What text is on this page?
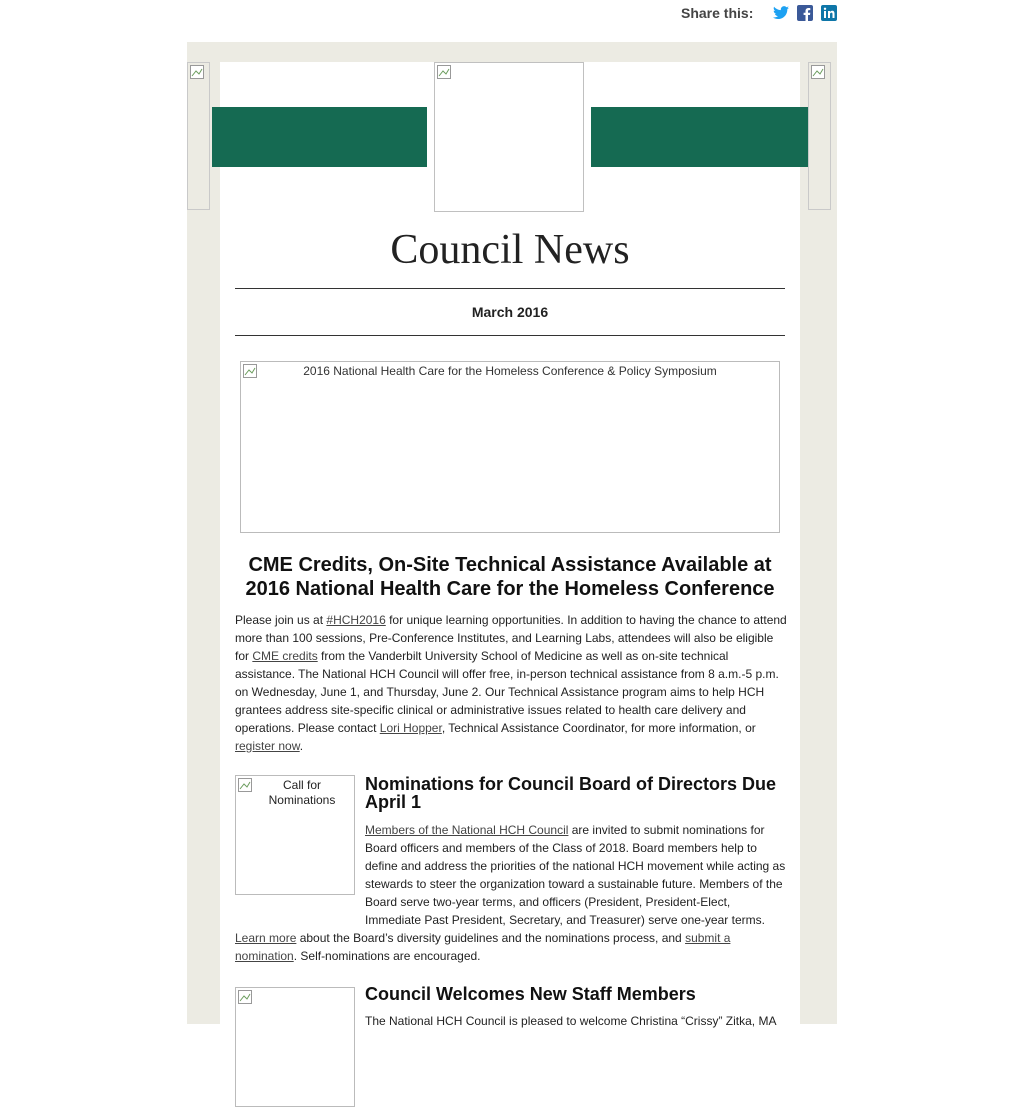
Share this:
Council News
March 2016
2016 National Health Care for the Homeless Conference & Policy Symposium
CME Credits, On-Site Technical Assistance Available at 2016 National Health Care for the Homeless Conference

Please join us at #HCH2016 for unique learning opportunities. In addition to having the chance to attend more than 100 sessions, Pre-Conference Institutes, and Learning Labs, attendees will also be eligible for CME credits from the Vanderbilt University School of Medicine as well as on-site technical assistance. The National HCH Council will offer free, in-person technical assistance from 8 a.m.-5 p.m. on Wednesday, June 1, and Thursday, June 2. Our Technical Assistance program aims to help HCH grantees address site-specific clinical or administrative issues related to health care delivery and operations. Please contact Lori Hopper, Technical Assistance Coordinator, for more information, or register now.

Call for Nominations
Nominations for Council Board of Directors Due April 1

Members of the National HCH Council are invited to submit nominations for Board officers and members of the Class of 2018. Board members help to define and address the priorities of the national HCH movement while acting as stewards to steer the organization toward a sustainable future. Members of the Board serve two-year terms, and officers (President, President-Elect, Immediate Past President, Secretary, and Treasurer) serve one-year terms. Learn more about the Board’s diversity guidelines and the nominations process, and submit a nomination. Self-nominations are encouraged.

Council Welcomes New Staff Members

The National HCH Council is pleased to welcome Christina “Crissy” Zitka, MA
